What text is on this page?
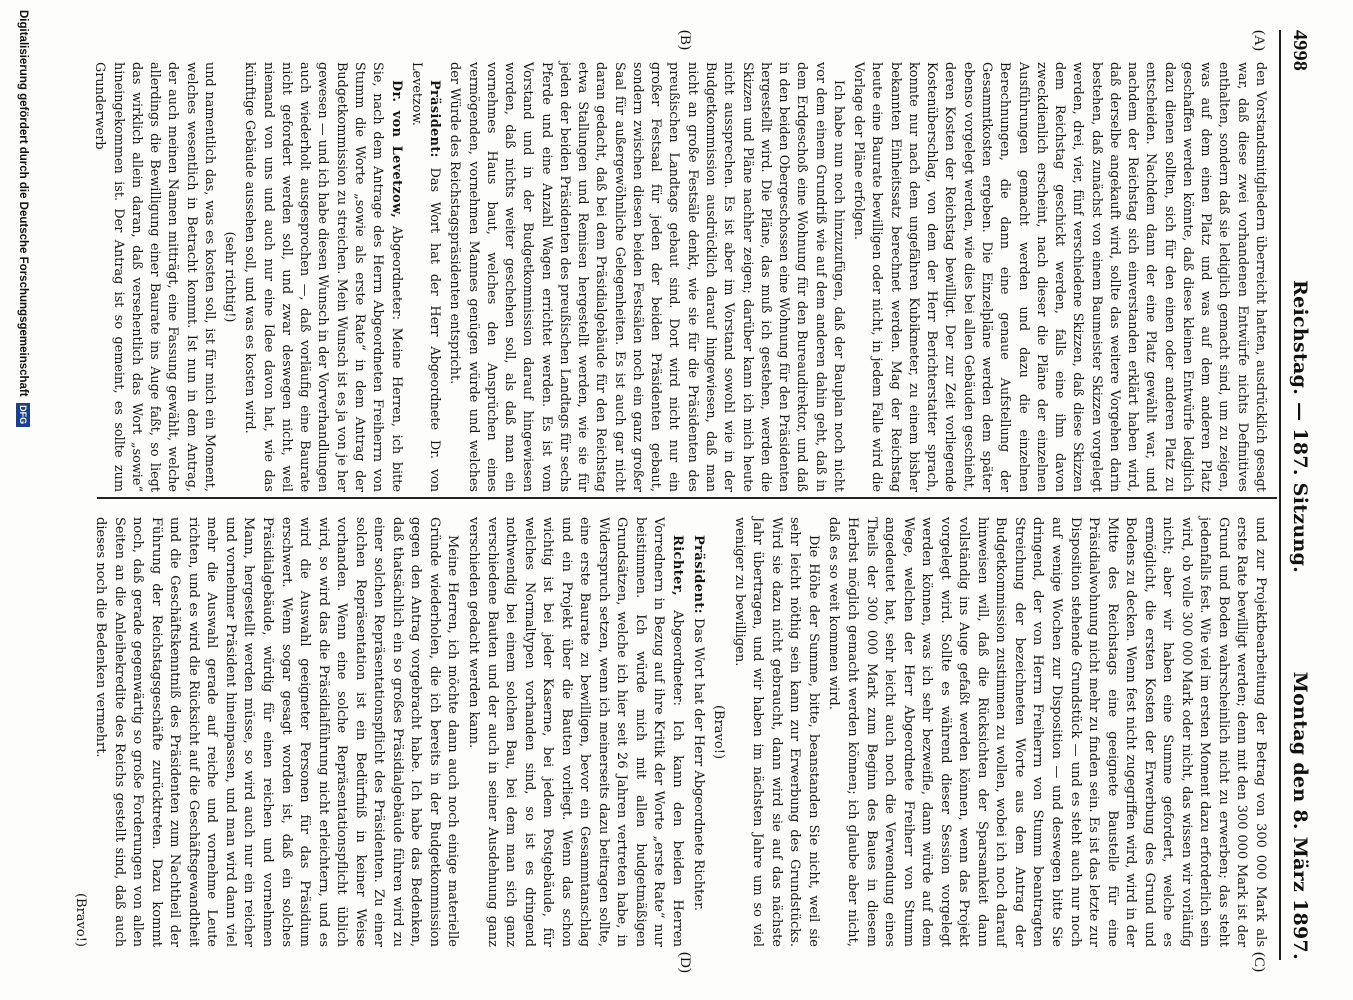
4998
Reichstag. — 187. Sitzung.
Montag den 8. März 1897.
(A)
(B)
(C)
(D)

den Vorstandsmitgliedern überreicht hatten, ausdrücklich gesagt war, daß diese zwei vorhandenen Entwürfe nichts Definitives enthalten, sondern daß sie lediglich gemacht sind, um zu zeigen, was auf dem einen Platz und was auf dem anderen Platz geschaffen werden könnte, daß diese kleinen Entwürfe lediglich dazu dienen sollten, sich für den einen oder anderen Platz zu entscheiden. Nachdem dann der eine Platz gewählt war, und nachdem der Reichstag sich einverstanden erklärt haben wird, daß derselbe angekauft wird, sollte das weitere Vorgehen darin bestehen, daß zunächst von einem Baumeister Skizzen vorgelegt werden, drei, vier, fünf verschiedene Skizzen, daß diese Skizzen dem Reichstag geschickt werden, falls eine ihm davon zweckdienlich erscheint, nach dieser die Pläne der einzelnen Ausführungen gemacht werden und dazu die einzelnen Berechnungen, die dann eine genaue Aufstellung der Gesammtkosten ergeben. Die Einzelpläne werden dem später ebenso vorgelegt werden, wie dies bei allen Gebäuden geschieht, deren Kosten der Reichstag bewilligt. Der zur Zeit vorliegende Kostenüberschlag, von dem der Herr Berichterstatter sprach, konnte nur nach dem ungefähren Kubikmeter, zu einem bisher bekannten Einheitssatz berechnet werden. Mag der Reichstag heute eine Baurate bewilligen oder nicht, in jedem Falle wird die Vorlage der Pläne erfolgen.

Ich habe nun noch hinzuzufügen, daß der Bauplan noch nicht vor dem einem Grundriß wie auf dem anderen dahin geht, daß in dem Erdgeschoß eine Wohnung für den Bureaudirektor, und daß in den beiden Obergeschossen eine Wohnung für den Präsidenten hergestellt wird. Die Pläne, das muß ich gestehen, werden die Skizzen und Pläne nachher zeigen; darüber kann ich mich heute nicht aussprechen. Es ist aber im Vorstand sowohl wie in der Budgetkommission ausdrücklich darauf hingewiesen, daß man nicht an große Festsäle denkt, wie sie für die Präsidenten des preußischen Landtags gebaut sind. Dort wird nicht nur ein großer Festsaal für jeden der beiden Präsidenten gebaut, sondern zwischen diesen beiden Festsälen noch ein ganz großer Saal für außergewöhnliche Gelegenheiten. Es ist auch gar nicht daran gedacht, daß bei dem Präsidialgebäude für den Reichstag etwa Stallungen und Remisen hergestellt werden, wie sie für jeden der beiden Präsidenten des preußischen Landtags für sechs Pferde und eine Anzahl Wagen errichtet werden. Es ist vom Vorstand und in der Budgetkommission darauf hingewiesen worden, daß nichts weiter geschehen soll, als daß man ein vornehmes Haus baut, welches den Ansprüchen eines vermögenden, vornehmen Mannes genügen würde und welches der Würde des Reichstagspräsidenten entspricht.

Präsident: Das Wort hat der Herr Abgeordnete Dr. von Levetzow.

Dr. von Levetzow, Abgeordneter: Meine Herren, ich bitte Sie, nach dem Antrage des Herrn Abgeordneten Freiherrn von Stumm die Worte „sowie als erste Rate“ in dem Antrag der Budgetkommission zu streichen. Mein Wunsch ist es ja von je her gewesen — und ich habe diesen Wunsch in der Vorverhandlungen auch wiederholt ausgesprochen —, daß vorläufig eine Baurate nicht gefordert werden soll, und zwar deswegen nicht, weil niemand von uns und auch nur eine Idee davon hat, wie das künftige Gebäude aussehen soll, und was es kosten wird.

(sehr richtig!)

und namentlich das, was es kosten soll, ist für mich ein Moment, welches wesentlich in Betracht kommt. Ist nun in dem Antrag, der auch meinen Namen mitträgt, eine Fassung gewählt, welche allerdings die Bewilligung einer Baurate ins Auge faßt, so liegt das wirklich allein daran, daß versehentlich das Wort „sowie“ hineingekommen ist. Der Antrag ist so gemeint, es sollte zum Grunderwerb

und zur Projektbearbeitung der Betrag von 300 000 Mark als erste Rate bewilligt werden; denn mit den 300 000 Mark ist der Grund und Boden wahrscheinlich nicht zu erwerben; das steht jedenfalls fest. Wie viel im ersten Moment dazu erforderlich sein wird, ob volle 300 000 Mark oder nicht, das wissen wir vorläufig nicht; aber wir haben eine Summe gefordert, welche es ermöglicht, die ersten Kosten der Erwerbung des Grund und Bodens zu decken. Wenn fest nicht zugegriffen wird, wird in der Mitte des Reichstags eine geeignete Baustelle für eine Präsidialwohnung nicht mehr zu finden sein. Es ist das letzte zur Disposition stehende Grundstück — und es steht auch nur noch auf wenige Wochen zur Disposition — und deswegen bitte Sie dringend, der von Herrn Freiherrn von Stumm beantragten Streichung der bezeichneten Worte aus dem Antrag der Budgetkommission zustimmen zu wollen, wobei ich noch darauf hinweisen will, daß die Rücksichten der Sparsamkeit dann vollständig ins Auge gefaßt werden können, wenn das Projekt vorgelegt wird. Sollte es während dieser Session vorgelegt werden können, was ich sehr bezweifle, dann würde auf dem Wege, welchen der Herr Abgeordnete Freiherr von Stumm angedeutet hat, sehr leicht auch noch die Verwendung eines Theils der 300 000 Mark zum Beginn des Baues in diesem Herbst möglich gemacht werden können; ich glaube aber nicht, daß es so weit kommen wird.

Die Höhe der Summe, bitte, beanstanden Sie nicht, weil sie sehr leicht nöthig sein kann zur Erwerbung des Grundstücks. Wird sie dazu nicht gebraucht, dann wird sie auf das nächste Jahr übertragen, und wir haben im nächsten Jahre um so viel weniger zu bewilligen.

(Bravo!)

Präsident: Das Wort hat der Herr Abgeordnete Richter.

Richter, Abgeordneter: Ich kann den beiden Herren Vorrednern in Bezug auf ihre Kritik der Worte „erste Rate“ nur beistimmen. Ich würde mich mit allen budgetmäßigen Grundsätzen, welche ich hier seit 26 Jahren vertreten habe, in Widerspruch setzen, wenn ich meinerseits dazu beitragen sollte, eine erste Baurate zu bewilligen, bevor ein Gesammtanschlag und ein Projekt über die Bauten vorliegt. Wenn das schon wichtig ist bei jeder Kaserne, bei jedem Postgebäude, für welches Normaltypen vorhanden sind, so ist es dringend nothwendig bei einem solchen Bau, bei dem man sich ganz verschiedene Bauten und der auch in seiner Ausdehnung ganz verschieden gedacht werden kann.

Meine Herren, ich möchte dann auch noch einige materielle Gründe wiederholen, die ich bereits in der Budgetkommission gegen den Antrag vorgebracht habe. Ich habe das Bedenken, daß thatsächlich ein so großes Präsidialgebäude führen wird zu einer solchen Repräsentationspflicht des Präsidenten. Zu einer solchen Repräsentation ist ein Bedürfniß in keiner Weise vorhanden. Wenn eine solche Repräsentationspflicht üblich wird, so wird das die Präsidialführung nicht erleichtern, und es wird die Auswahl geeigneter Personen für das Präsidium erschwert. Wenn sogar gesagt worden ist, daß ein solches Präsidialgebäude, würdig für einen reichen und vornehmen Mann, hergestellt werden müsse, so wird auch nur ein reicher und vornehmer Präsident hineinpassen, und man wird dann viel mehr die Auswahl gerade auf reiche und vornehme Leute richten, und es wird die Rücksicht auf die Geschäftsgewandtheit und die Geschäftskenntniß des Präsidenten zum Nachtheil der Führung der Reichstagsgeschäfte zurücktreten. Dazu kommt noch, daß gerade gegenwärtig so große Forderungen von allen Seiten an die Anleihekredite des Reichs gestellt sind, daß auch dieses noch die Bedenken vermehrt.

(Bravo!)

Digitalisierung gefördert durch die Deutsche Forschungsgemeinschaft
DFG
